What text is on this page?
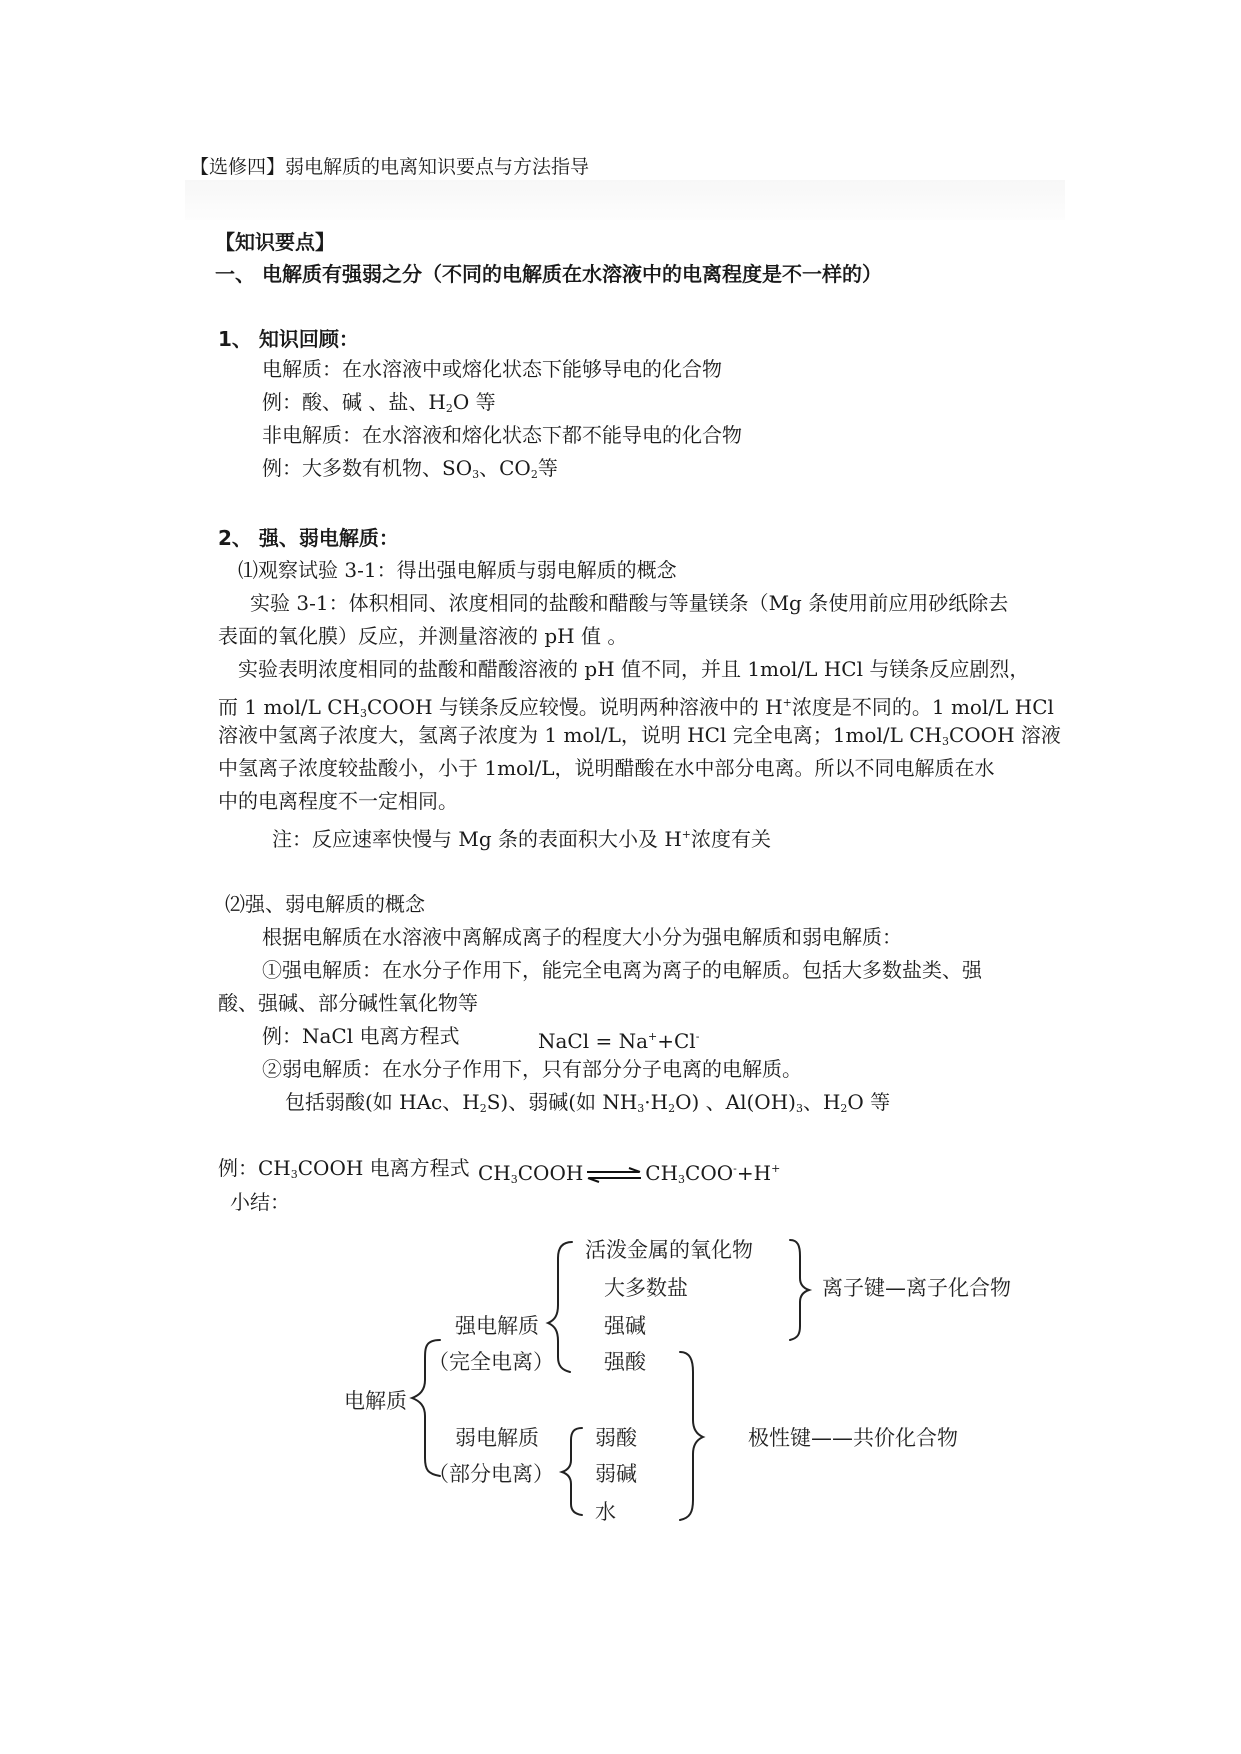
【选修四】弱电解质的电离知识要点与方法指导
【知识要点】
一、 电解质有强弱之分（不同的电解质在水溶液中的电离程度是不一样的）
1、 知识回顾：
电解质：在水溶液中或熔化状态下能够导电的化合物
例：酸、碱 、盐、$H_2O$ 等
非电解质：在水溶液和熔化状态下都不能导电的化合物
例：大多数有机物、$SO_3$、$CO_2$等
2、 强、弱电解质：
⑴观察试验 3-1：得出强电解质与弱电解质的概念
实验 3-1：体积相同、浓度相同的盐酸和醋酸与等量镁条（Mg 条使用前应用砂纸除去
表面的氧化膜）反应，并测量溶液的 pH 值 。
实验表明浓度相同的盐酸和醋酸溶液的 pH 值不同，并且 1mol/L HCl 与镁条反应剧烈，
而 1 mol/L $CH_3COOH$ 与镁条反应较慢。说明两种溶液中的 H+浓度是不同的。1 mol/L HCl
溶液中氢离子浓度大，氢离子浓度为 1 mol/L，说明 HCl 完全电离；1mol/L $CH_3COOH$ 溶液
中氢离子浓度较盐酸小，小于 1mol/L，说明醋酸在水中部分电离。所以不同电解质在水
中的电离程度不一定相同。
注：反应速率快慢与 Mg 条的表面积大小及 H+浓度有关
⑵强、弱电解质的概念
根据电解质在水溶液中离解成离子的程度大小分为强电解质和弱电解质：
①强电解质：在水分子作用下，能完全电离为离子的电解质。包括大多数盐类、强
酸、强碱、部分碱性氧化物等
例：NaCl 电离方程式	NaCl = Na++Cl-
②弱电解质：在水分子作用下，只有部分分子电离的电解质。
包括弱酸(如 HAc、$H_2S$)、弱碱(如 $NH_3\cdot H_2O$) 、$Al(OH)_3$、$H_2O$ 等
例：$CH_3COOH$ 电离方程式 $CH_3COOH$ ⇌ $CH_3COO^-+H^+$
小结：
电解质
强电解质
（完全电离）
弱电解质
（部分电离）
活泼金属的氧化物
大多数盐
强碱
强酸
弱酸
弱碱
水
离子键—离子化合物
极性键——共价化合物
